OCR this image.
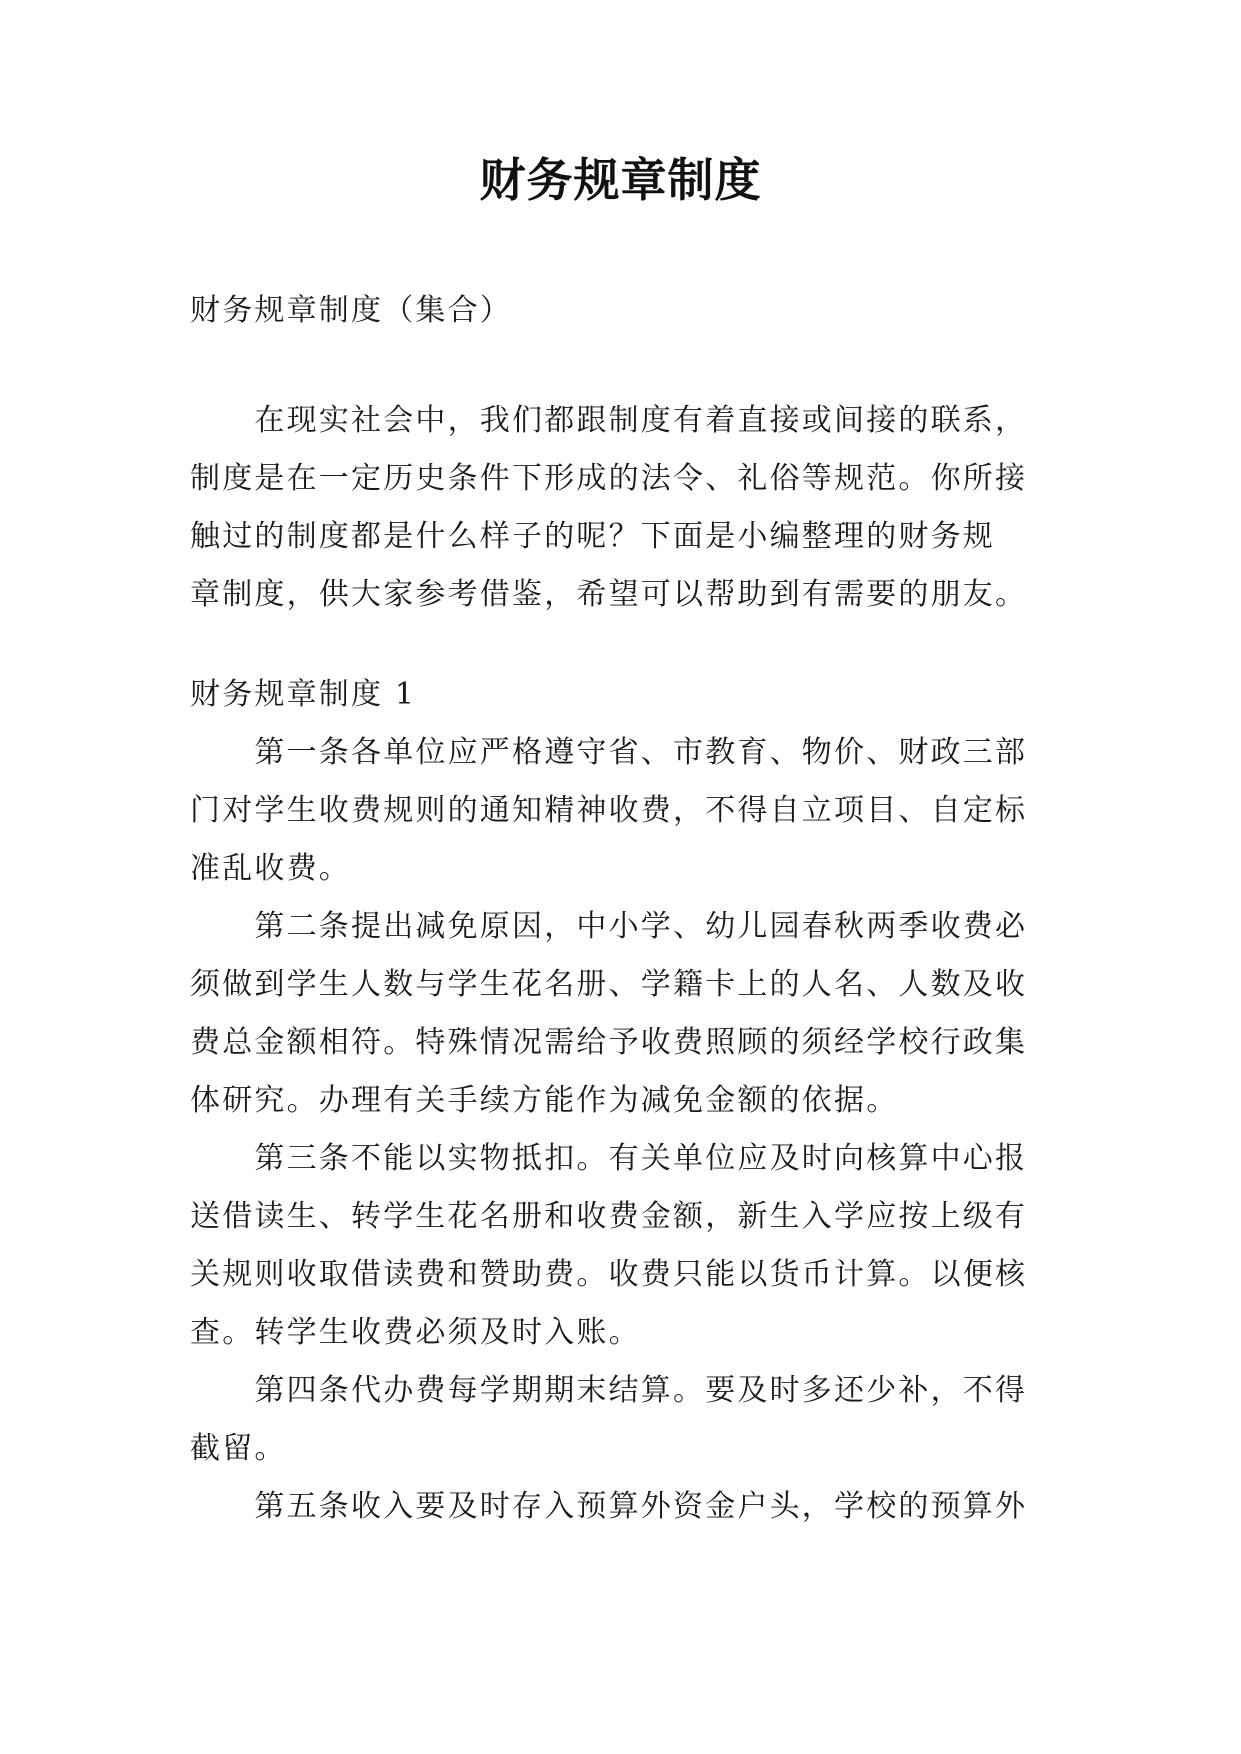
财务规章制度
财务规章制度（集合）
　　在现实社会中，我们都跟制度有着直接或间接的联系，
制度是在一定历史条件下形成的法令、礼俗等规范。你所接
触过的制度都是什么样子的呢？下面是小编整理的财务规
章制度，供大家参考借鉴，希望可以帮助到有需要的朋友。
财务规章制度 1
　　第一条各单位应严格遵守省、市教育、物价、财政三部
门对学生收费规则的通知精神收费，不得自立项目、自定标
准乱收费。
　　第二条提出减免原因，中小学、幼儿园春秋两季收费必
须做到学生人数与学生花名册、学籍卡上的人名、人数及收
费总金额相符。特殊情况需给予收费照顾的须经学校行政集
体研究。办理有关手续方能作为减免金额的依据。
　　第三条不能以实物抵扣。有关单位应及时向核算中心报
送借读生、转学生花名册和收费金额，新生入学应按上级有
关规则收取借读费和赞助费。收费只能以货币计算。以便核
查。转学生收费必须及时入账。
　　第四条代办费每学期期末结算。要及时多还少补，不得
截留。
　　第五条收入要及时存入预算外资金户头，学校的预算外
